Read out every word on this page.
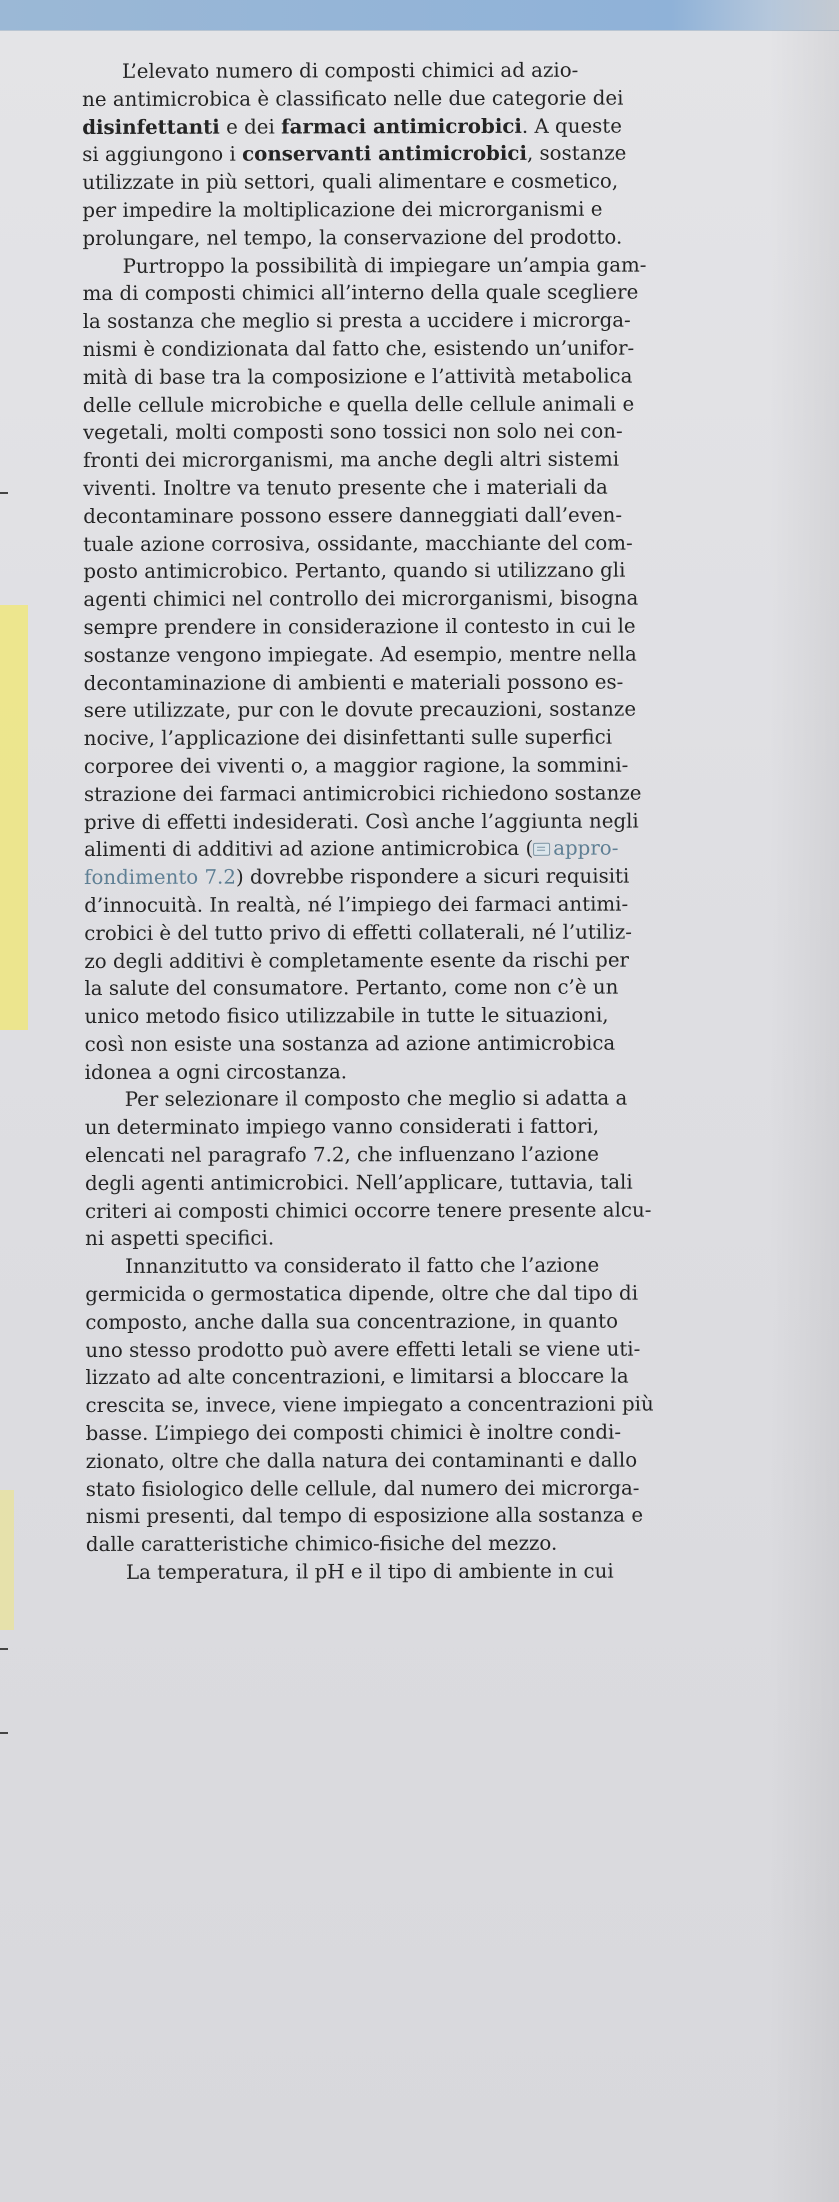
L’elevato numero di composti chimici ad azio-
ne antimicrobica è classificato nelle due categorie dei
disinfettanti e dei farmaci antimicrobici. A queste
si aggiungono i conservanti antimicrobici, sostanze
utilizzate in più settori, quali alimentare e cosmetico,
per impedire la moltiplicazione dei microrganismi e
prolungare, nel tempo, la conservazione del prodotto.

Purtroppo la possibilità di impiegare un’ampia gam-
ma di composti chimici all’interno della quale scegliere
la sostanza che meglio si presta a uccidere i microrga-
nismi è condizionata dal fatto che, esistendo un’unifor-
mità di base tra la composizione e l’attività metabolica
delle cellule microbiche e quella delle cellule animali e
vegetali, molti composti sono tossici non solo nei con-
fronti dei microrganismi, ma anche degli altri sistemi
viventi. Inoltre va tenuto presente che i materiali da
decontaminare possono essere danneggiati dall’even-
tuale azione corrosiva, ossidante, macchiante del com-
posto antimicrobico. Pertanto, quando si utilizzano gli
agenti chimici nel controllo dei microrganismi, bisogna
sempre prendere in considerazione il contesto in cui le
sostanze vengono impiegate. Ad esempio, mentre nella
decontaminazione di ambienti e materiali possono es-
sere utilizzate, pur con le dovute precauzioni, sostanze
nocive, l’applicazione dei disinfettanti sulle superfici
corporee dei viventi o, a maggior ragione, la sommini-
strazione dei farmaci antimicrobici richiedono sostanze
prive di effetti indesiderati. Così anche l’aggiunta negli
alimenti di additivi ad azione antimicrobica ( appro-
fondimento 7.2) dovrebbe rispondere a sicuri requisiti
d’innocuità. In realtà, né l’impiego dei farmaci antimi-
crobici è del tutto privo di effetti collaterali, né l’utiliz-
zo degli additivi è completamente esente da rischi per
la salute del consumatore. Pertanto, come non c’è un
unico metodo fisico utilizzabile in tutte le situazioni,
così non esiste una sostanza ad azione antimicrobica
idonea a ogni circostanza.

Per selezionare il composto che meglio si adatta a
un determinato impiego vanno considerati i fattori,
elencati nel paragrafo 7.2, che influenzano l’azione
degli agenti antimicrobici. Nell’applicare, tuttavia, tali
criteri ai composti chimici occorre tenere presente alcu-
ni aspetti specifici.

Innanzitutto va considerato il fatto che l’azione
germicida o germostatica dipende, oltre che dal tipo di
composto, anche dalla sua concentrazione, in quanto
uno stesso prodotto può avere effetti letali se viene uti-
lizzato ad alte concentrazioni, e limitarsi a bloccare la
crescita se, invece, viene impiegato a concentrazioni più
basse. L’impiego dei composti chimici è inoltre condi-
zionato, oltre che dalla natura dei contaminanti e dallo
stato fisiologico delle cellule, dal numero dei microrga-
nismi presenti, dal tempo di esposizione alla sostanza e
dalle caratteristiche chimico-fisiche del mezzo.

La temperatura, il pH e il tipo di ambiente in cui
